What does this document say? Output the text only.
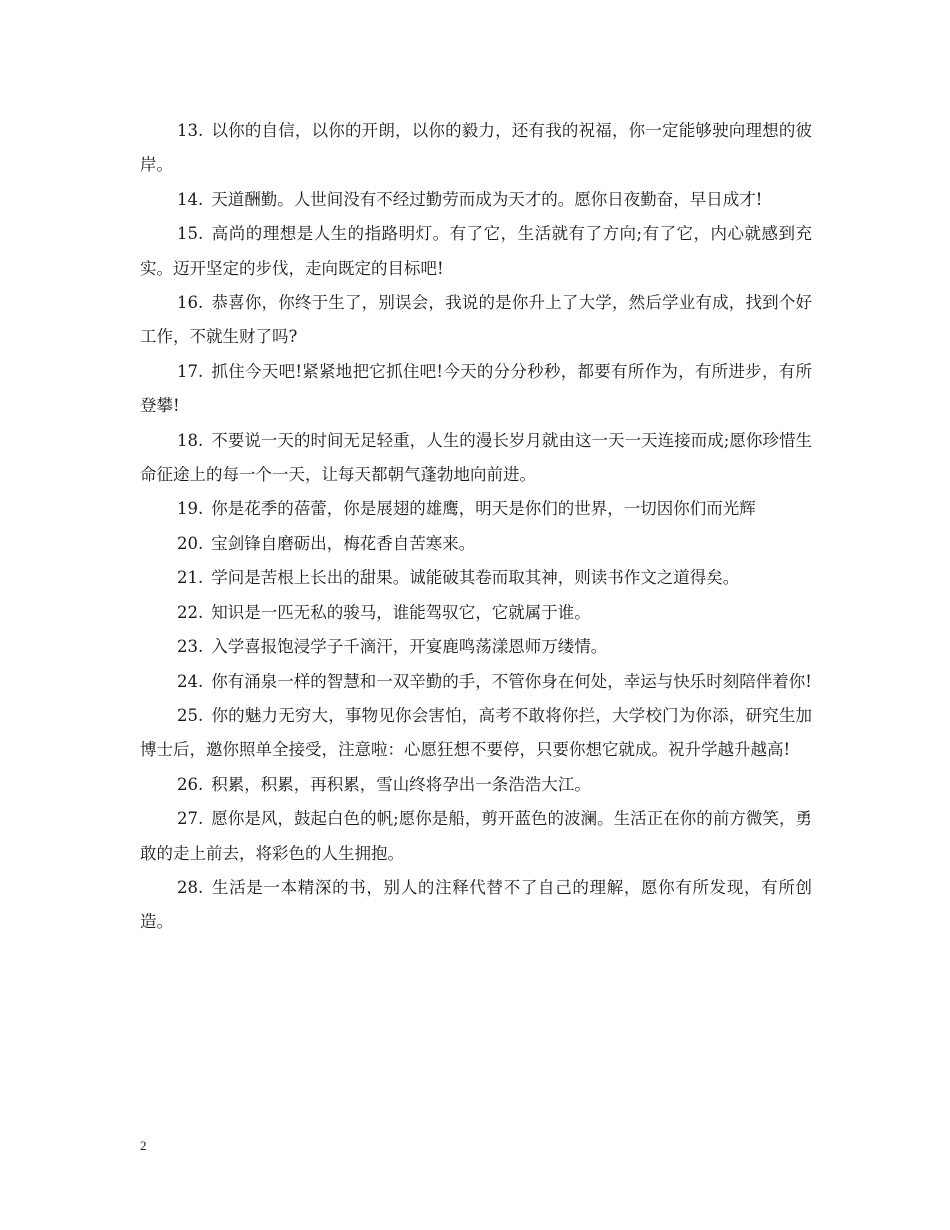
13. 以你的自信，以你的开朗，以你的毅力，还有我的祝福，你一定能够驶向理想的彼岸。

14. 天道酬勤。人世间没有不经过勤劳而成为天才的。愿你日夜勤奋，早日成才!

15. 高尚的理想是人生的指路明灯。有了它，生活就有了方向;有了它，内心就感到充实。迈开坚定的步伐，走向既定的目标吧!

16. 恭喜你，你终于生了，别误会，我说的是你升上了大学，然后学业有成，找到个好工作，不就生财了吗?

17. 抓住今天吧!紧紧地把它抓住吧!今天的分分秒秒，都要有所作为，有所进步，有所登攀!

18. 不要说一天的时间无足轻重，人生的漫长岁月就由这一天一天连接而成;愿你珍惜生命征途上的每一个一天，让每天都朝气蓬勃地向前进。

19. 你是花季的蓓蕾，你是展翅的雄鹰，明天是你们的世界，一切因你们而光辉

20. 宝剑锋自磨砺出，梅花香自苦寒来。

21. 学问是苦根上长出的甜果。诚能破其卷而取其神，则读书作文之道得矣。

22. 知识是一匹无私的骏马，谁能驾驭它，它就属于谁。

23. 入学喜报饱浸学子千滴汗，开宴鹿鸣荡漾恩师万缕情。

24. 你有涌泉一样的智慧和一双辛勤的手，不管你身在何处，幸运与快乐时刻陪伴着你!

25. 你的魅力无穷大，事物见你会害怕，高考不敢将你拦，大学校门为你添，研究生加博士后，邀你照单全接受，注意啦：心愿狂想不要停，只要你想它就成。祝升学越升越高!

26. 积累，积累，再积累，雪山终将孕出一条浩浩大江。

27. 愿你是风，鼓起白色的帆;愿你是船，剪开蓝色的波澜。生活正在你的前方微笑，勇敢的走上前去，将彩色的人生拥抱。

28. 生活是一本精深的书，别人的注释代替不了自己的理解，愿你有所发现，有所创造。

2
